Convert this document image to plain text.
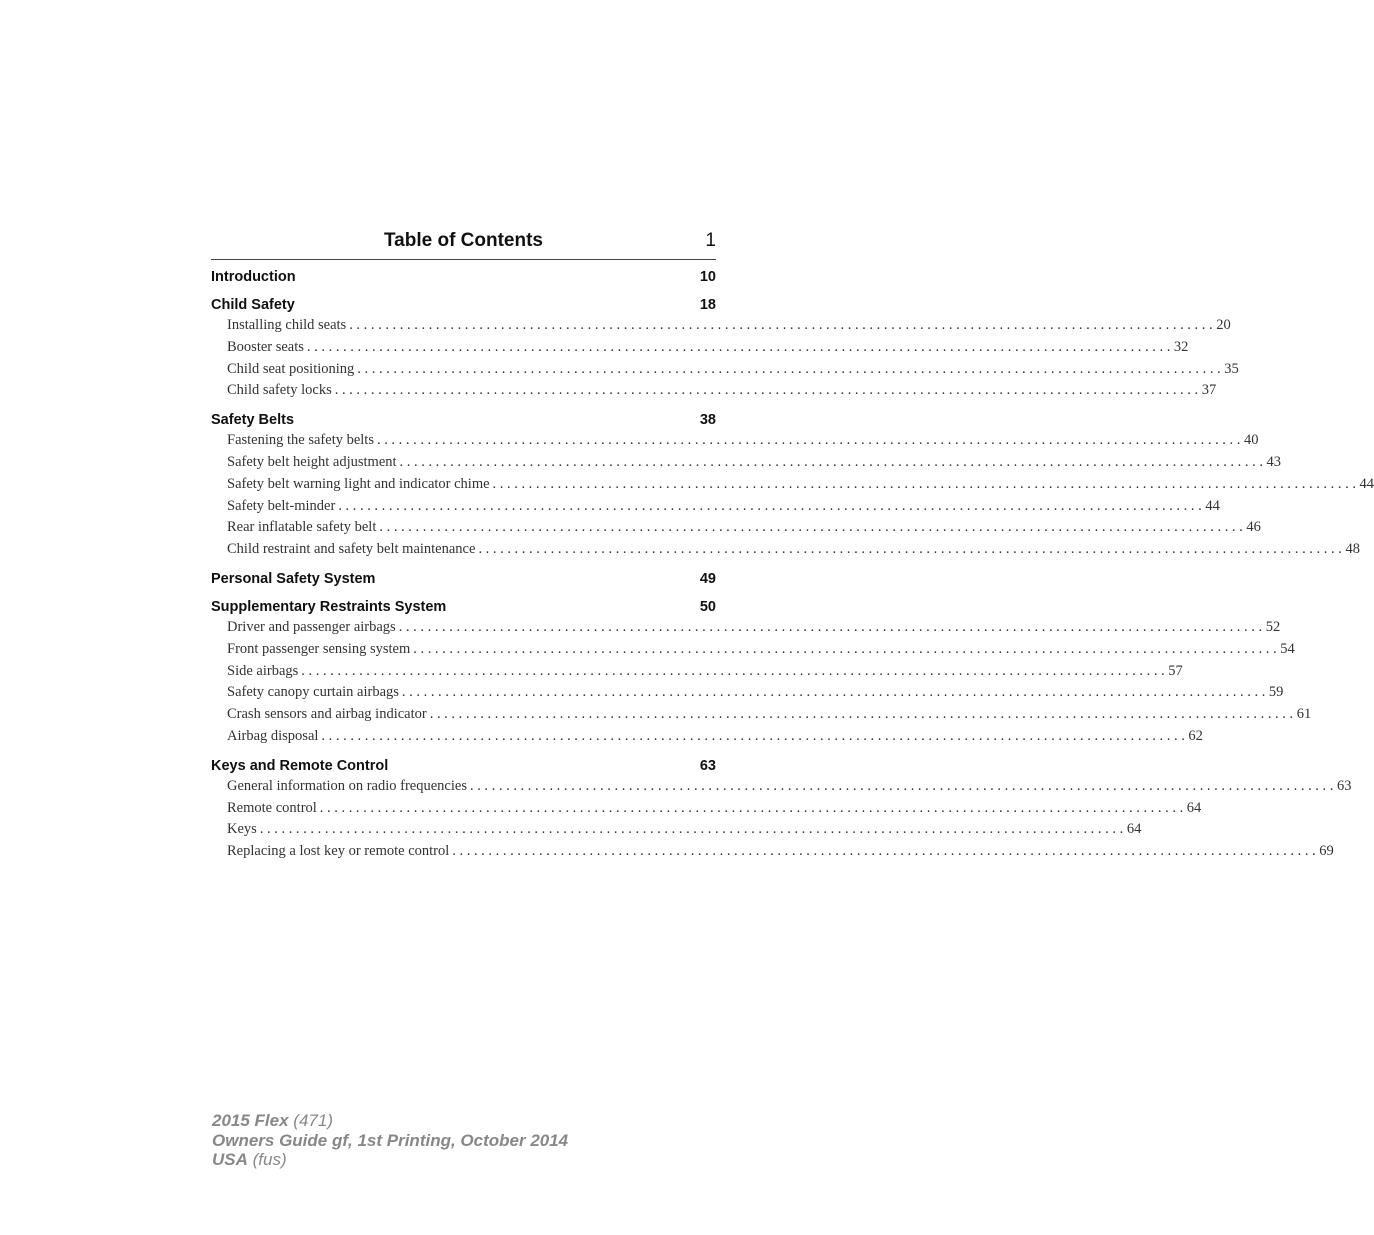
Table of Contents	1
Introduction	10
Child Safety	18
Installing child seats ........................................................................................................................ 20
Booster seats ........................................................................................................................ 32
Child seat positioning ........................................................................................................................ 35
Child safety locks ........................................................................................................................ 37
Safety Belts	38
Fastening the safety belts ........................................................................................................................ 40
Safety belt height adjustment ........................................................................................................................ 43
Safety belt warning light and indicator chime ........................................................................................................................ 44
Safety belt-minder ........................................................................................................................ 44
Rear inflatable safety belt ........................................................................................................................ 46
Child restraint and safety belt maintenance ........................................................................................................................ 48
Personal Safety System	49
Supplementary Restraints System	50
Driver and passenger airbags ........................................................................................................................ 52
Front passenger sensing system ........................................................................................................................ 54
Side airbags ........................................................................................................................ 57
Safety canopy curtain airbags ........................................................................................................................ 59
Crash sensors and airbag indicator ........................................................................................................................ 61
Airbag disposal ........................................................................................................................ 62
Keys and Remote Control	63
General information on radio frequencies ........................................................................................................................ 63
Remote control ........................................................................................................................ 64
Keys ........................................................................................................................ 64
Replacing a lost key or remote control ........................................................................................................................ 69
2015 Flex (471)
Owners Guide gf, 1st Printing, October 2014
USA (fus)
